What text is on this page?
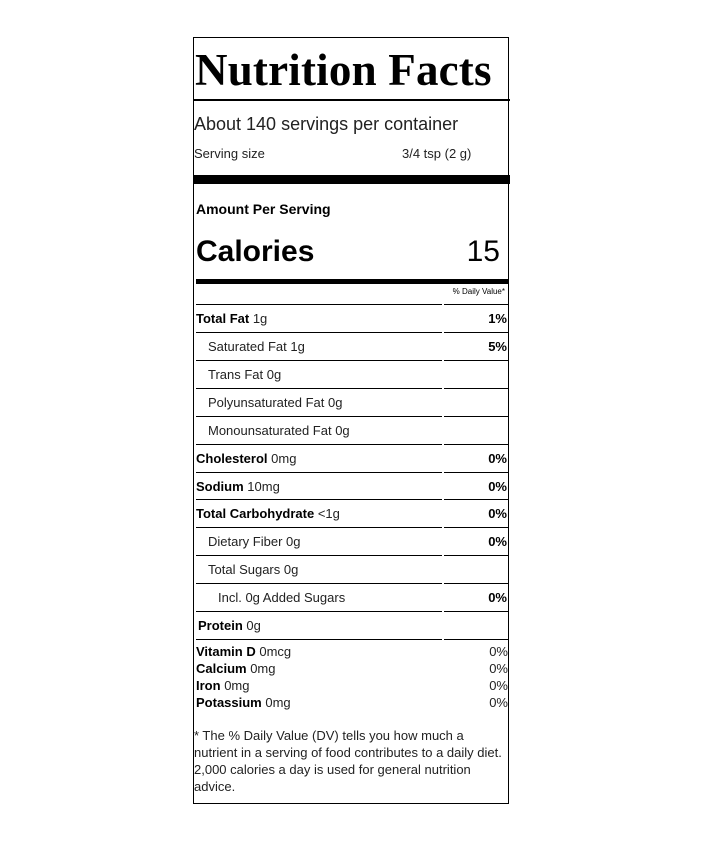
Nutrition Facts
About 140 servings per container
Serving size	3/4 tsp (2 g)
Amount Per Serving
Calories	15
% Daily Value*
Total Fat 1g	1%
Saturated Fat 1g	5%
Trans Fat 0g
Polyunsaturated Fat 0g
Monounsaturated Fat 0g
Cholesterol 0mg	0%
Sodium 10mg	0%
Total Carbohydrate <1g	0%
Dietary Fiber 0g	0%
Total Sugars 0g
Incl. 0g Added Sugars	0%
Protein 0g
Vitamin D 0mcg	0%
Calcium 0mg	0%
Iron 0mg	0%
Potassium 0mg	0%
* The % Daily Value (DV) tells you how much a nutrient in a serving of food contributes to a daily diet. 2,000 calories a day is used for general nutrition advice.
